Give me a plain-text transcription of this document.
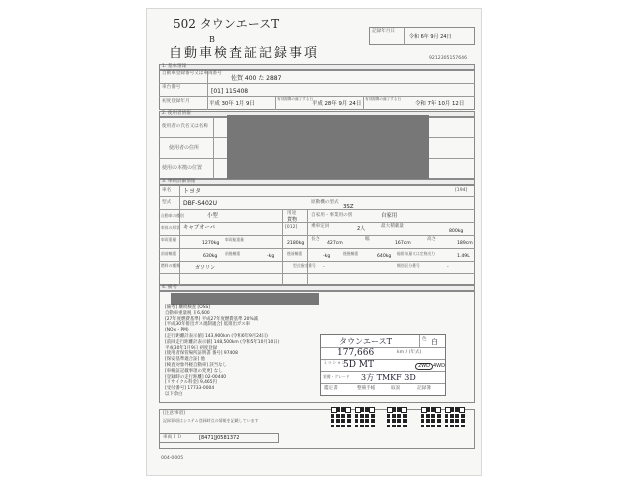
502 タウンエースT
B
記録年月日
令和 6年 9月 24日
自動車検査証記録事項	9212305157646
1. 基本情報
自動車登録番号又は車両番号
佐賀 400 た 2887
車台番号
[01] 115408
初度登録年月	平成 30年 1月 9日
有効期間の満了する日
平成 28年 9月 24日
有効期間の満了する日
令和 7年 10月 12日
2. 使用者情報
使用者の氏名又は名称
使用者の住所
使用の本拠の位置
3. 車両詳細情報
車名 トヨタ	[194]
型式 DBF-S402U	原動機の型式
3SZ
自動車の種別	小型	用途
貨物
自家用・事業用の別	自家用
車体の形状 キャブオーバ	[012]	乗車定員	2人	最大積載量
800kg
車両重量
1270kg
車両総重量
2180kg
長さ
427cm
幅
167cm
高さ
189cm
前前軸重
630kg
前後軸重
-kg
後前軸重
-kg
後後軸重
640kg
総排気量又は定格出力
1.49L
燃料の種類	ガソリン	型式指定番号 -	類別区分番号	-
4. 備考
[備考] 継続検査 [OSS]
自動車重量税 ￥6,600
[27年度燃費基準] 平成27年度燃費基準 20%減
[平成30年排出ガス規制適合] 低排出ガス車
(NOx・PM)
[走行距離計表示値] 143,900km (令和6年9月24日)
[前回走行距離計表示値] 148,500km (令和5年10月10日)
平成30年1月9日 初度登録
[使用者保管場所証明書 番号] 97408
[保安基準適合証] 他
[検査対象外軽自動車] 該当なし
[車検証記載事項の変更] なし
[登録時の走行距離] 02-00440
[リサイクル料金] 9,465円
[受付番号] 17733-0004
以下余白
[注意事項]
記録事項はシステム登録時点の情報を記載しています
車両ＩＤ	[8471]J0581372
004-0005
タウンエースT	色 白
177,666	km / (年式)
ミッション
5D MT	2WD 4WD
装備・グレード 3方 TMKF 3D
鑑定書	整備手帳	取説	記録簿
